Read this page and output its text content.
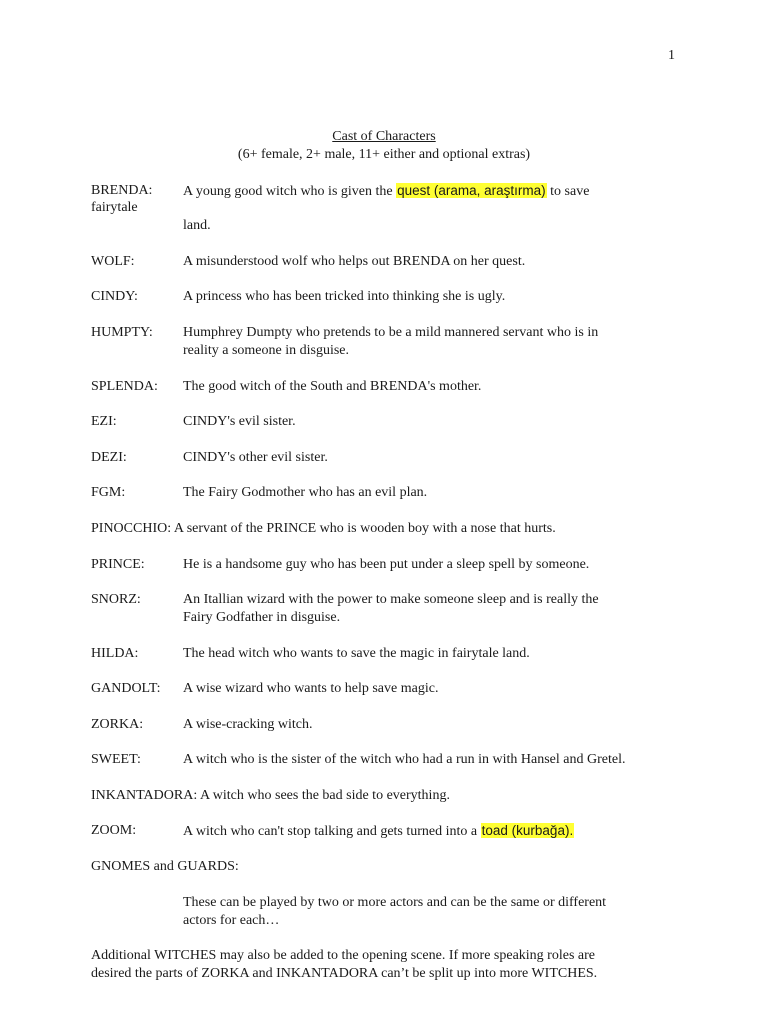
1
Cast of Characters
(6+ female, 2+ male, 11+ either and optional extras)
BRENDA: A young good witch who is given the quest (arama, araştırma) to save
fairytale
land.
WOLF:	A misunderstood wolf who helps out BRENDA on her quest.
CINDY:	A princess who has been tricked into thinking she is ugly.
HUMPTY: Humphrey Dumpty who pretends to be a mild mannered servant who is in
reality a someone in disguise.
SPLENDA: The good witch of the South and BRENDA's mother.
EZI:	CINDY's evil sister.
DEZI:	CINDY's other evil sister.
FGM:	The Fairy Godmother who has an evil plan.
PINOCCHIO: A servant of the PRINCE who is wooden boy with a nose that hurts.
PRINCE:	He is a handsome guy who has been put under a sleep spell by someone.
SNORZ:	An Itallian wizard with the power to make someone sleep and is really the
Fairy Godfather in disguise.
HILDA:	The head witch who wants to save the magic in fairytale land.
GANDOLT: A wise wizard who wants to help save magic.
ZORKA:	A wise-cracking witch.
SWEET:	A witch who is the sister of the witch who had a run in with Hansel and Gretel.
INKANTADORA: A witch who sees the bad side to everything.
ZOOM:	A witch who can't stop talking and gets turned into a toad (kurbağa).
GNOMES and GUARDS:
These can be played by two or more actors and can be the same or different
actors for each…
Additional WITCHES may also be added to the opening scene. If more speaking roles are
desired the parts of ZORKA and INKANTADORA can’t be split up into more WITCHES.
